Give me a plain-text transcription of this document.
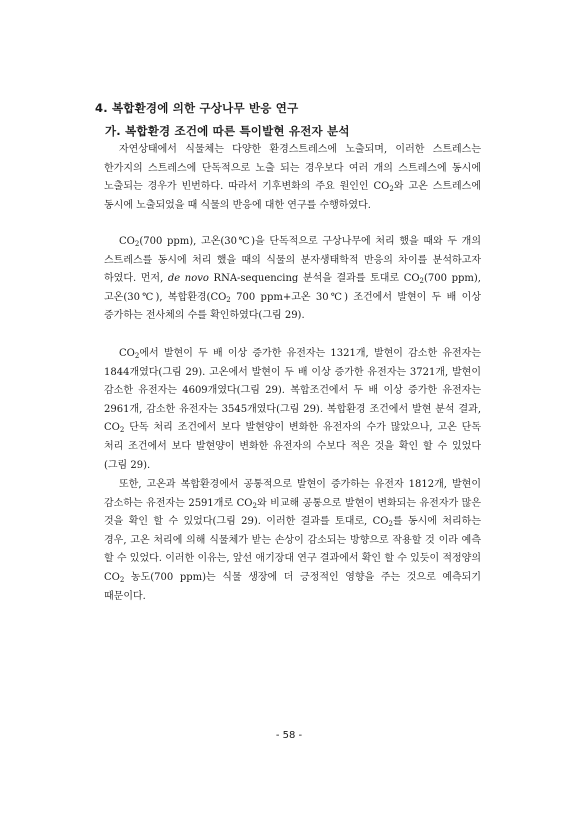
4. 복합환경에 의한 구상나무 반응 연구
가. 복합환경 조건에 따른 특이발현 유전자 분석

자연상태에서 식물체는 다양한 환경스트레스에 노출되며, 이러한 스트레스는 한가지의 스트레스에 단독적으로 노출 되는 경우보다 여러 개의 스트레스에 동시에 노출되는 경우가 빈번하다. 따라서 기후변화의 주요 원인인 $CO_2$와 고온 스트레스에 동시에 노출되었을 때 식물의 반응에 대한 연구를 수행하였다.

$CO_2(700$ ppm), 고온(30℃)을 단독적으로 구상나무에 처리 했을 때와 두 개의 스트레스를 동시에 처리 했을 때의 식물의 분자생태학적 반응의 차이를 분석하고자 하였다. 먼저, de novo RNA-sequencing 분석을 결과를 토대로 $CO_2(700$ ppm), 고온(30℃), 복합환경($CO_2$ 700 ppm+고온 30℃) 조건에서 발현이 두 배 이상 증가하는 전사체의 수를 확인하였다(그림 29).

$CO_2$에서 발현이 두 배 이상 증가한 유전자는 1321개, 발현이 감소한 유전자는 1844개였다(그림 29). 고온에서 발현이 두 배 이상 증가한 유전자는 3721개, 발현이 감소한 유전자는 4609개였다(그림 29). 복합조건에서 두 배 이상 증가한 유전자는 2961개, 감소한 유전자는 3545개였다(그림 29). 복합환경 조건에서 발현 분석 결과, $CO_2$ 단독 처리 조건에서 보다 발현양이 변화한 유전자의 수가 많았으나, 고온 단독 처리 조건에서 보다 발현양이 변화한 유전자의 수보다 적은 것을 확인 할 수 있었다(그림 29).

또한, 고온과 복합환경에서 공통적으로 발현이 증가하는 유전자 1812개, 발현이 감소하는 유전자는 2591개로 $CO_2$와 비교해 공통으로 발현이 변화되는 유전자가 많은 것을 확인 할 수 있었다(그림 29). 이러한 결과를 토대로, $CO_2$를 동시에 처리하는 경우, 고온 처리에 의해 식물체가 받는 손상이 감소되는 방향으로 작용할 것 이라 예측 할 수 있었다. 이러한 이유는, 앞선 애기장대 연구 결과에서 확인 할 수 있듯이 적정양의 $CO_2$ 농도(700 ppm)는 식물 생장에 더 긍정적인 영향을 주는 것으로 예측되기 때문이다.

- 58 -
